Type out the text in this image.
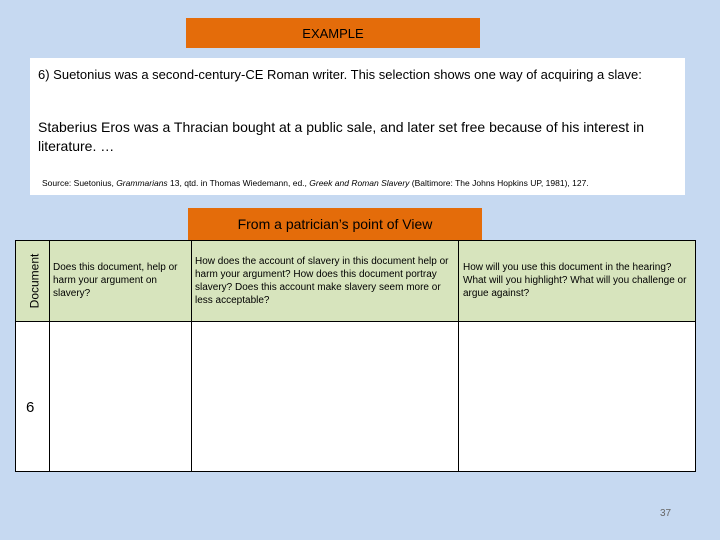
EXAMPLE
6) Suetonius was a second-century-CE Roman writer. This selection shows one way of acquiring a slave:
Staberius Eros was a Thracian bought at a public sale, and later set free because of his interest in literature. …
Source: Suetonius, Grammarians 13, qtd. in Thomas Wiedemann, ed., Greek and Roman Slavery (Baltimore: The Johns Hopkins UP, 1981), 127.
From a patrician’s point of View
Document Does this document, help or harm your argument on slavery?
How does the account of slavery in this document help or harm your argument? How does this document portray slavery? Does this account make slavery seem more or less acceptable?
How will you use this document in the hearing? What will you highlight? What will you challenge or argue against?
6
37
